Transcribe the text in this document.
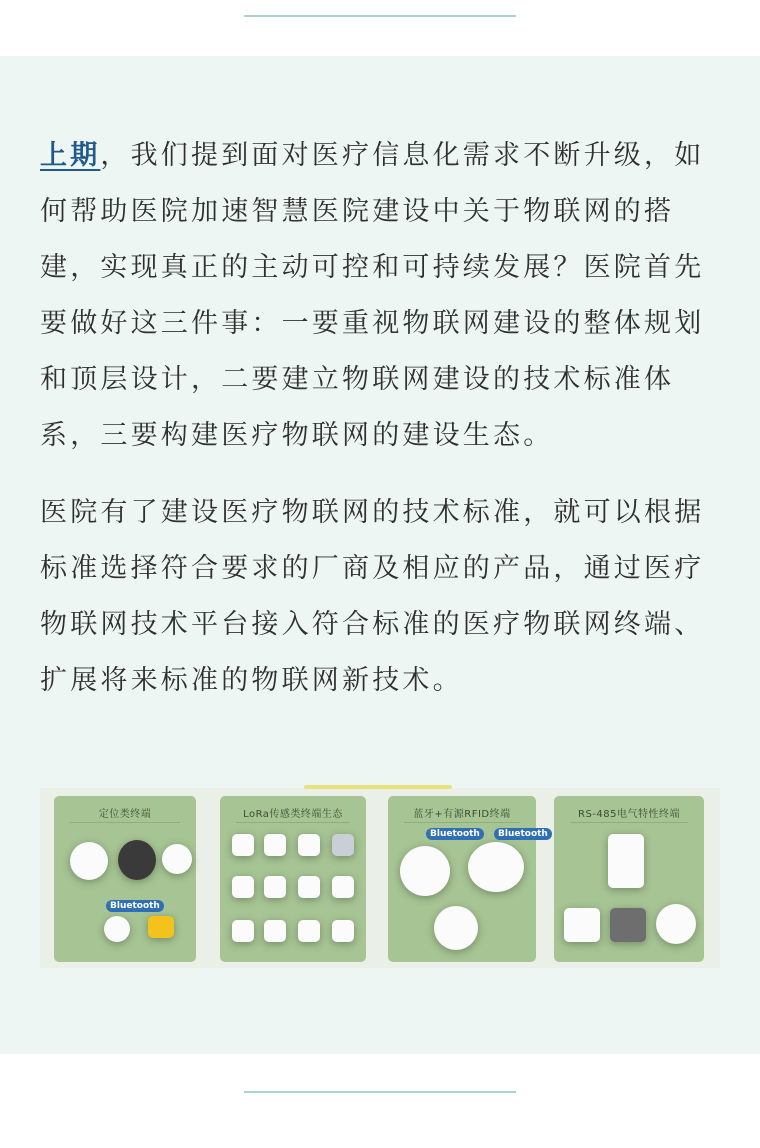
上期，我们提到面对医疗信息化需求不断升级，如何帮助医院加速智慧医院建设中关于物联网的搭建，实现真正的主动可控和可持续发展？医院首先要做好这三件事：一要重视物联网建设的整体规划和顶层设计，二要建立物联网建设的技术标准体系，三要构建医疗物联网的建设生态。

医院有了建设医疗物联网的技术标准，就可以根据标准选择符合要求的厂商及相应的产品，通过医疗物联网技术平台接入符合标准的医疗物联网终端、扩展将来标准的物联网新技术。

定位类终端
Bluetooth
LoRa传感类终端生态	蓝牙+有源RFID终端
Bluetooth	Bluetooth
RS-485电气特性终端
